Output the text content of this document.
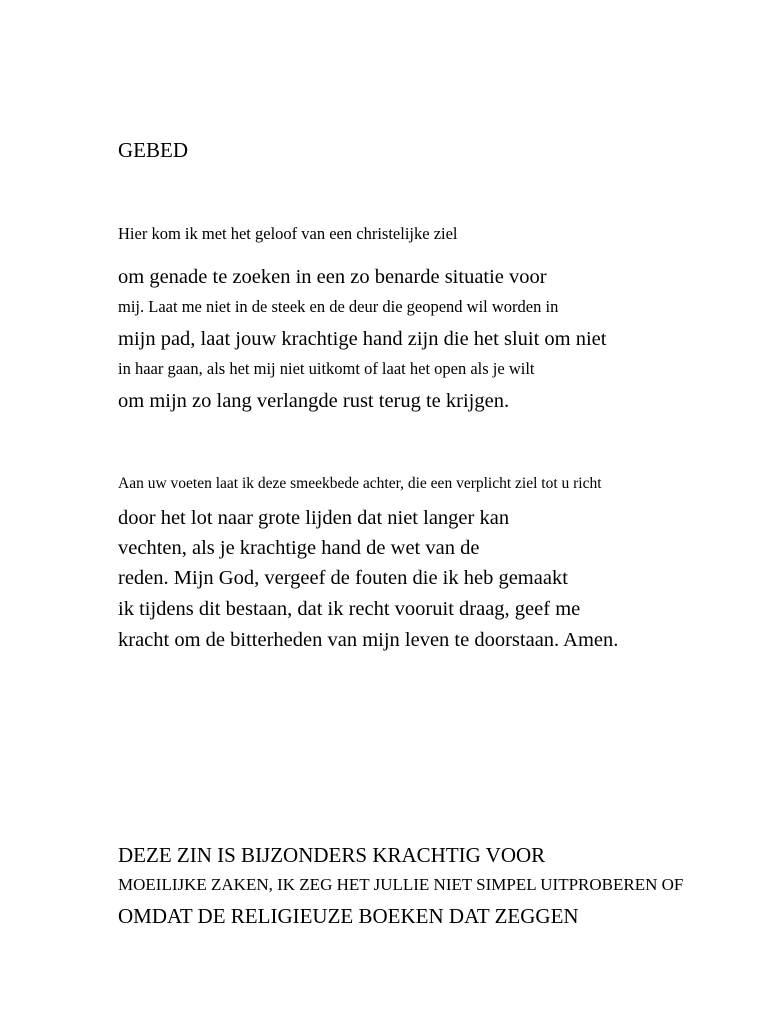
GEBED

Hier kom ik met het geloof van een christelijke ziel

om genade te zoeken in een zo benarde situatie voor

mij. Laat me niet in de steek en de deur die geopend wil worden in

mijn pad, laat jouw krachtige hand zijn die het sluit om niet

in haar gaan, als het mij niet uitkomt of laat het open als je wilt

om mijn zo lang verlangde rust terug te krijgen.

Aan uw voeten laat ik deze smeekbede achter, die een verplicht ziel tot u richt

door het lot naar grote lijden dat niet langer kan

vechten, als je krachtige hand de wet van de

reden. Mijn God, vergeef de fouten die ik heb gemaakt

ik tijdens dit bestaan, dat ik recht vooruit draag, geef me

kracht om de bitterheden van mijn leven te doorstaan. Amen.

DEZE ZIN IS BIJZONDERS KRACHTIG VOOR

MOEILIJKE ZAKEN, IK ZEG HET JULLIE NIET SIMPEL UITPROBEREN OF

OMDAT DE RELIGIEUZE BOEKEN DAT ZEGGEN
